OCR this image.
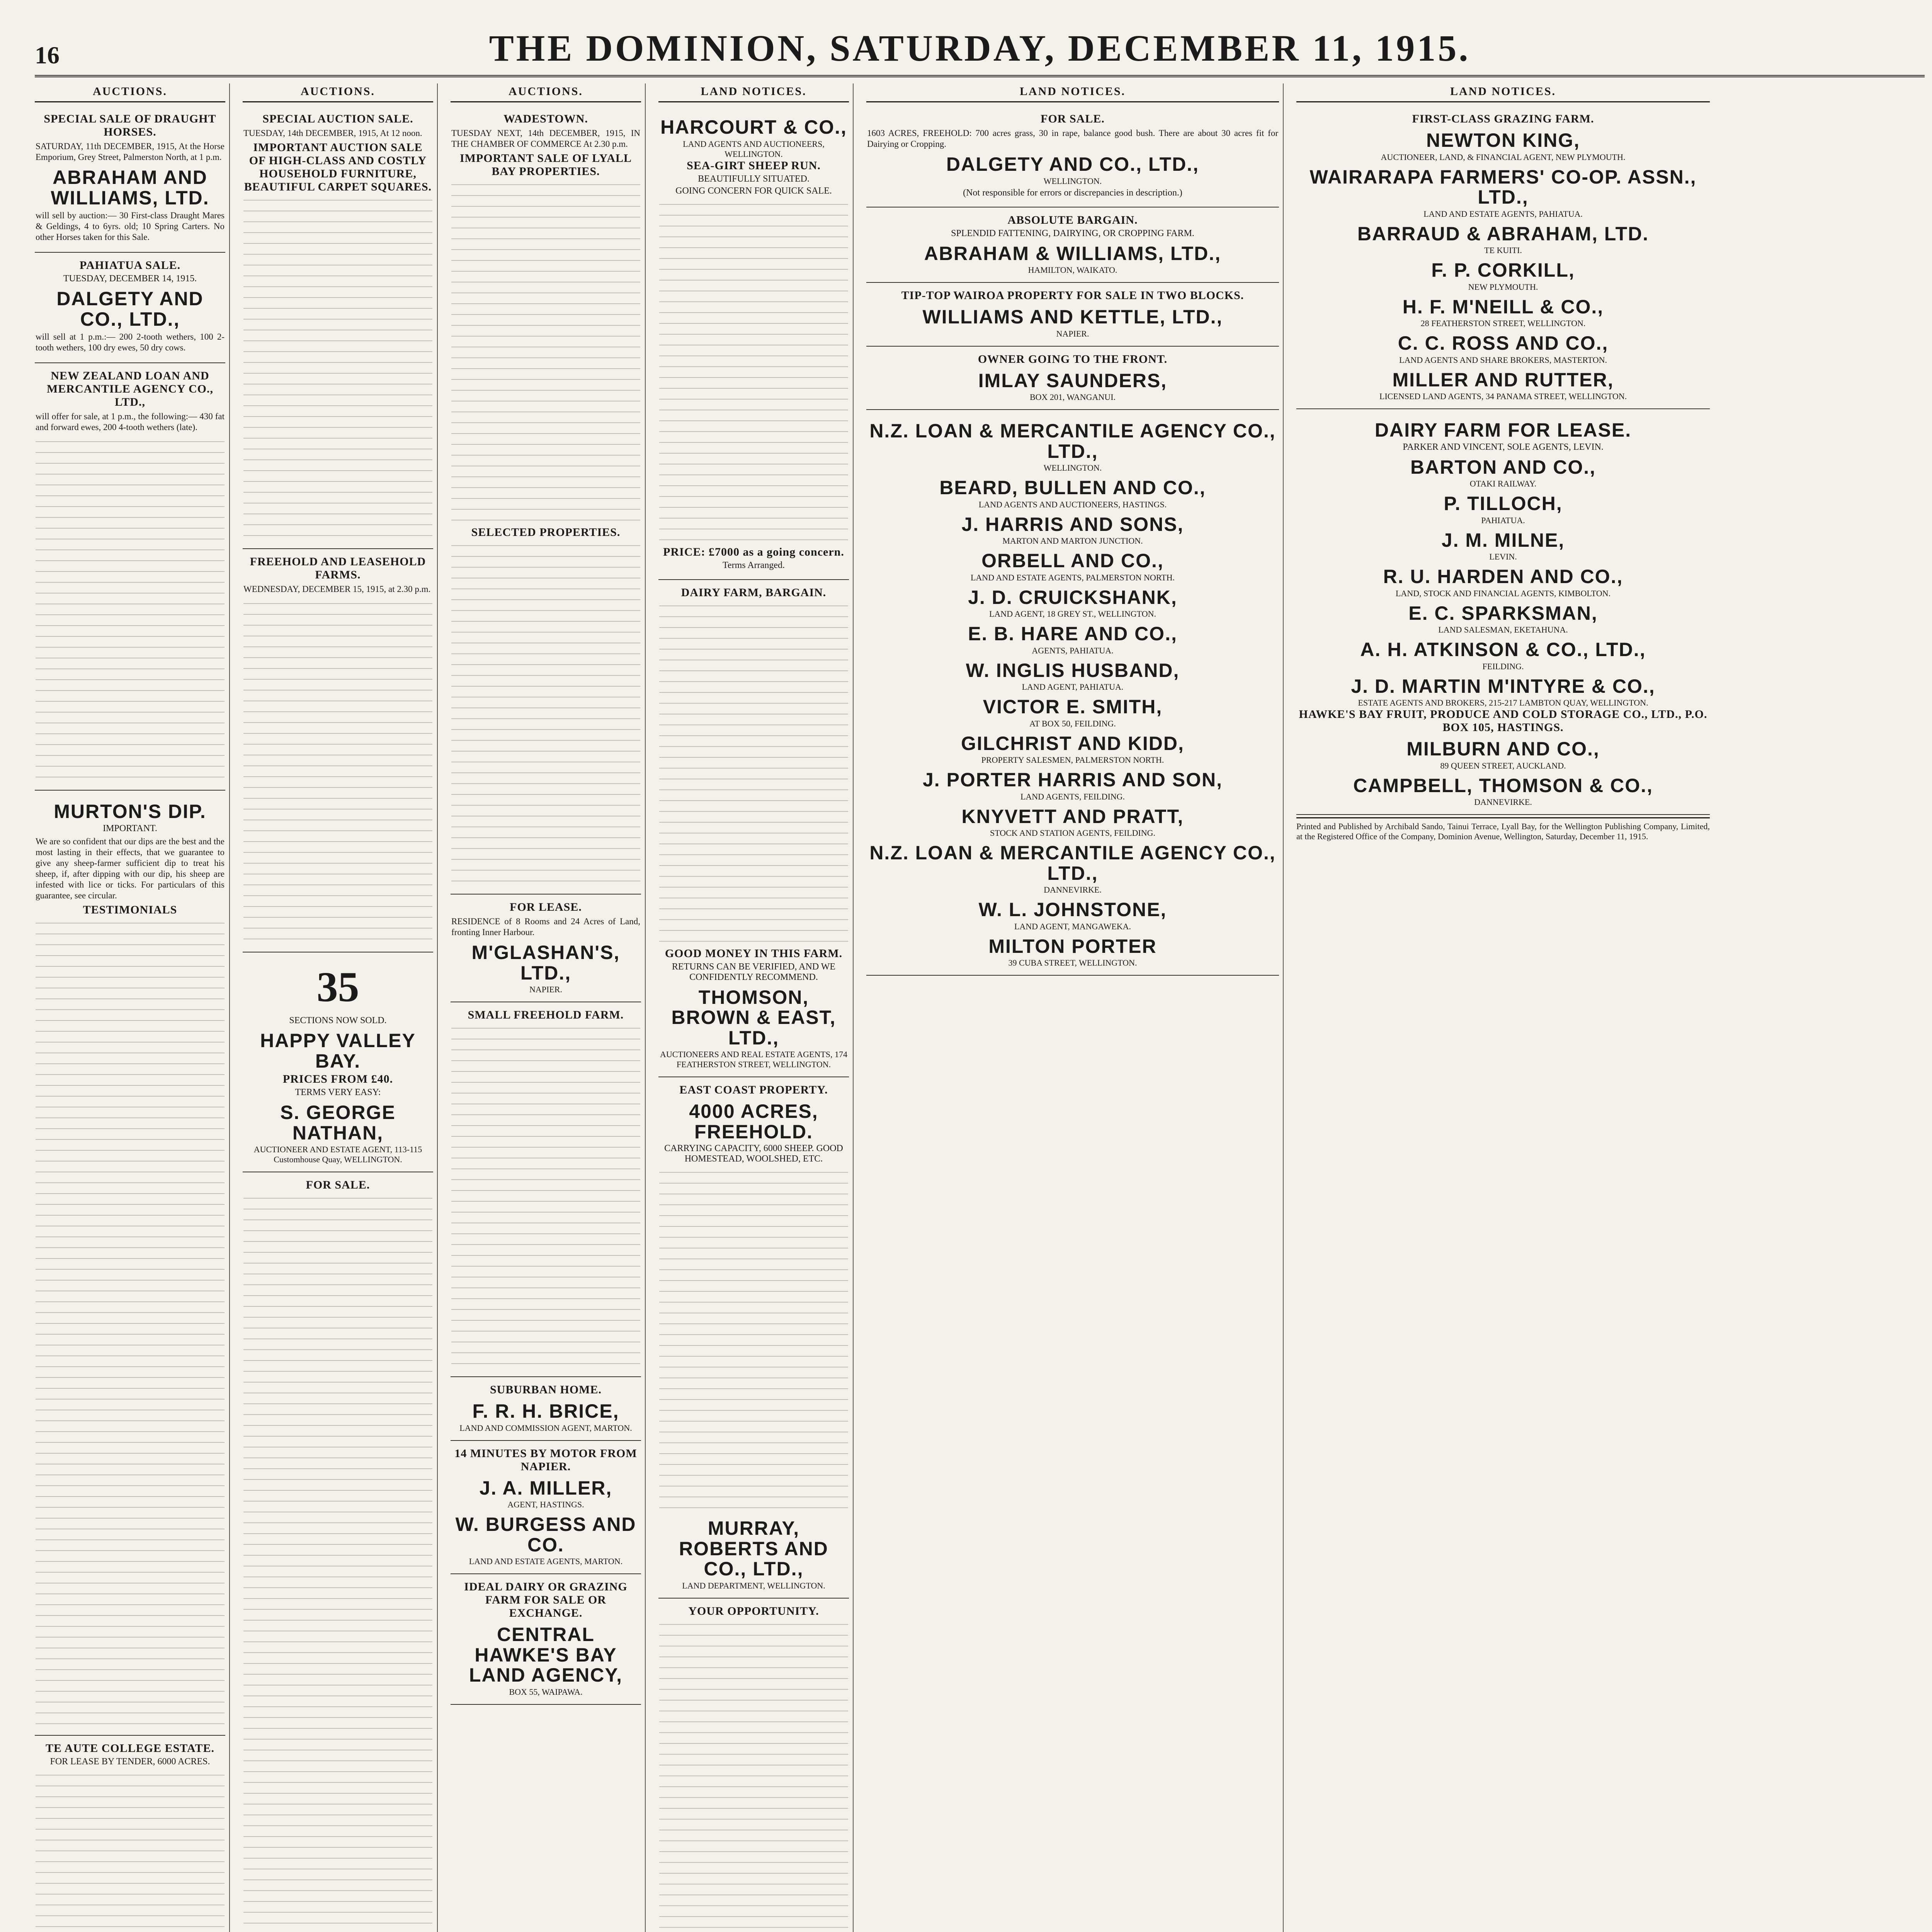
16	THE DOMINION, SATURDAY, DECEMBER 11, 1915.
AUCTIONS.
SPECIAL SALE OF DRAUGHT HORSES.

SATURDAY, 11th DECEMBER, 1915, At the Horse Emporium, Grey Street, Palmerston North, at 1 p.m.

ABRAHAM AND WILLIAMS, LTD.

will sell by auction:— 30 First-class Draught Mares & Geldings, 4 to 6yrs. old; 10 Spring Carters. No other Horses taken for this Sale.

PAHIATUA SALE.
TUESDAY, DECEMBER 14, 1915.
DALGETY AND CO., LTD.,

will sell at 1 p.m.:— 200 2-tooth wethers, 100 2-tooth wethers, 100 dry ewes, 50 dry cows.

NEW ZEALAND LOAN AND MERCANTILE AGENCY CO., LTD.,

will offer for sale, at 1 p.m., the following:— 430 fat and forward ewes, 200 4-tooth wethers (late).

MURTON'S DIP.
IMPORTANT.

We are so confident that our dips are the best and the most lasting in their effects, that we guarantee to give any sheep-farmer sufficient dip to treat his sheep, if, after dipping with our dip, his sheep are infested with lice or ticks. For particulars of this guarantee, see circular.

TESTIMONIALS
TE AUTE COLLEGE ESTATE.
FOR LEASE BY TENDER, 6000 ACRES.
AUCTIONS.
SPECIAL AUCTION SALE.

TUESDAY, 14th DECEMBER, 1915, At 12 noon.

IMPORTANT AUCTION SALE OF HIGH-CLASS AND COSTLY HOUSEHOLD FURNITURE, BEAUTIFUL CARPET SQUARES.
FREEHOLD AND LEASEHOLD FARMS.

WEDNESDAY, DECEMBER 15, 1915, at 2.30 p.m.

35
SECTIONS NOW SOLD.
HAPPY VALLEY BAY.
PRICES FROM £40.
TERMS VERY EASY:
S. GEORGE NATHAN,
AUCTIONEER AND ESTATE AGENT, 113-115 Customhouse Quay, WELLINGTON.
FOR SALE.
AUCTIONS.
WADESTOWN.

TUESDAY NEXT, 14th DECEMBER, 1915, IN THE CHAMBER OF COMMERCE At 2.30 p.m.

IMPORTANT SALE OF LYALL BAY PROPERTIES.
SELECTED PROPERTIES.
FOR LEASE.

RESIDENCE of 8 Rooms and 24 Acres of Land, fronting Inner Harbour.

M'GLASHAN'S, LTD.,
NAPIER.
SMALL FREEHOLD FARM.
SUBURBAN HOME.
F. R. H. BRICE,
LAND AND COMMISSION AGENT, MARTON.
14 MINUTES BY MOTOR FROM NAPIER.
J. A. MILLER,
AGENT, HASTINGS.
W. BURGESS AND CO.
LAND AND ESTATE AGENTS, MARTON.
IDEAL DAIRY OR GRAZING FARM FOR SALE OR EXCHANGE.
CENTRAL HAWKE'S BAY LAND AGENCY,
BOX 55, WAIPAWA.
LAND NOTICES.
HARCOURT & CO.,
LAND AGENTS AND AUCTIONEERS, WELLINGTON.
SEA-GIRT SHEEP RUN.
BEAUTIFULLY SITUATED.
GOING CONCERN FOR QUICK SALE.
PRICE: £7000 as a going concern.
Terms Arranged.
DAIRY FARM, BARGAIN.
GOOD MONEY IN THIS FARM.
RETURNS CAN BE VERIFIED, AND WE CONFIDENTLY RECOMMEND.
THOMSON, BROWN & EAST, LTD.,
AUCTIONEERS AND REAL ESTATE AGENTS, 174 FEATHERSTON STREET, WELLINGTON.
EAST COAST PROPERTY.
4000 ACRES, FREEHOLD.
CARRYING CAPACITY, 6000 SHEEP. GOOD HOMESTEAD, WOOLSHED, ETC.
MURRAY, ROBERTS AND CO., LTD.,
LAND DEPARTMENT, WELLINGTON.
YOUR OPPORTUNITY.
LAND NOTICES.
FOR SALE.

1603 ACRES, FREEHOLD: 700 acres grass, 30 in rape, balance good bush. There are about 30 acres fit for Dairying or Cropping.

DALGETY AND CO., LTD.,
WELLINGTON.
(Not responsible for errors or discrepancies in description.)
ABSOLUTE BARGAIN.
SPLENDID FATTENING, DAIRYING, OR CROPPING FARM.
ABRAHAM & WILLIAMS, LTD.,
HAMILTON, WAIKATO.
TIP-TOP WAIROA PROPERTY FOR SALE IN TWO BLOCKS.
WILLIAMS AND KETTLE, LTD.,
NAPIER.
OWNER GOING TO THE FRONT.
IMLAY SAUNDERS,
BOX 201, WANGANUI.
N.Z. LOAN & MERCANTILE AGENCY CO., LTD.,
WELLINGTON.
BEARD, BULLEN AND CO.,
LAND AGENTS AND AUCTIONEERS, HASTINGS.
J. HARRIS AND SONS,
MARTON AND MARTON JUNCTION.
ORBELL AND CO.,
LAND AND ESTATE AGENTS, PALMERSTON NORTH.
J. D. CRUICKSHANK,
LAND AGENT, 18 GREY ST., WELLINGTON.
E. B. HARE AND CO.,
AGENTS, PAHIATUA.
W. INGLIS HUSBAND,
LAND AGENT, PAHIATUA.
VICTOR E. SMITH,
AT BOX 50, FEILDING.
GILCHRIST AND KIDD,
PROPERTY SALESMEN, PALMERSTON NORTH.
J. PORTER HARRIS AND SON,
LAND AGENTS, FEILDING.
KNYVETT AND PRATT,
STOCK AND STATION AGENTS, FEILDING.
N.Z. LOAN & MERCANTILE AGENCY CO., LTD.,
DANNEVIRKE.
W. L. JOHNSTONE,
LAND AGENT, MANGAWEKA.
MILTON PORTER
39 CUBA STREET, WELLINGTON.
LAND NOTICES.
FIRST-CLASS GRAZING FARM.
NEWTON KING,
AUCTIONEER, LAND, & FINANCIAL AGENT, NEW PLYMOUTH.
WAIRARAPA FARMERS' CO-OP. ASSN., LTD.,
LAND AND ESTATE AGENTS, PAHIATUA.
BARRAUD & ABRAHAM, LTD.
TE KUITI.
F. P. CORKILL,
NEW PLYMOUTH.
H. F. M'NEILL & CO.,
28 FEATHERSTON STREET, WELLINGTON.
C. C. ROSS AND CO.,
LAND AGENTS AND SHARE BROKERS, MASTERTON.
MILLER AND RUTTER,
LICENSED LAND AGENTS, 34 PANAMA STREET, WELLINGTON.
DAIRY FARM FOR LEASE.
PARKER AND VINCENT, SOLE AGENTS, LEVIN.
BARTON AND CO.,
OTAKI RAILWAY.
P. TILLOCH,
PAHIATUA.
J. M. MILNE,
LEVIN.
R. U. HARDEN AND CO.,
LAND, STOCK AND FINANCIAL AGENTS, KIMBOLTON.
E. C. SPARKSMAN,
LAND SALESMAN, EKETAHUNA.
A. H. ATKINSON & CO., LTD.,
FEILDING.
J. D. MARTIN M'INTYRE & CO.,
ESTATE AGENTS AND BROKERS, 215-217 LAMBTON QUAY, WELLINGTON.
HAWKE'S BAY FRUIT, PRODUCE AND COLD STORAGE CO., LTD., P.O. BOX 105, HASTINGS.
MILBURN AND CO.,
89 QUEEN STREET, AUCKLAND.
CAMPBELL, THOMSON & CO.,
DANNEVIRKE.
Printed and Published by Archibald Sando, Tainui Terrace, Lyall Bay, for the Wellington Publishing Company, Limited, at the Registered Office of the Company, Dominion Avenue, Wellington, Saturday, December 11, 1915.
